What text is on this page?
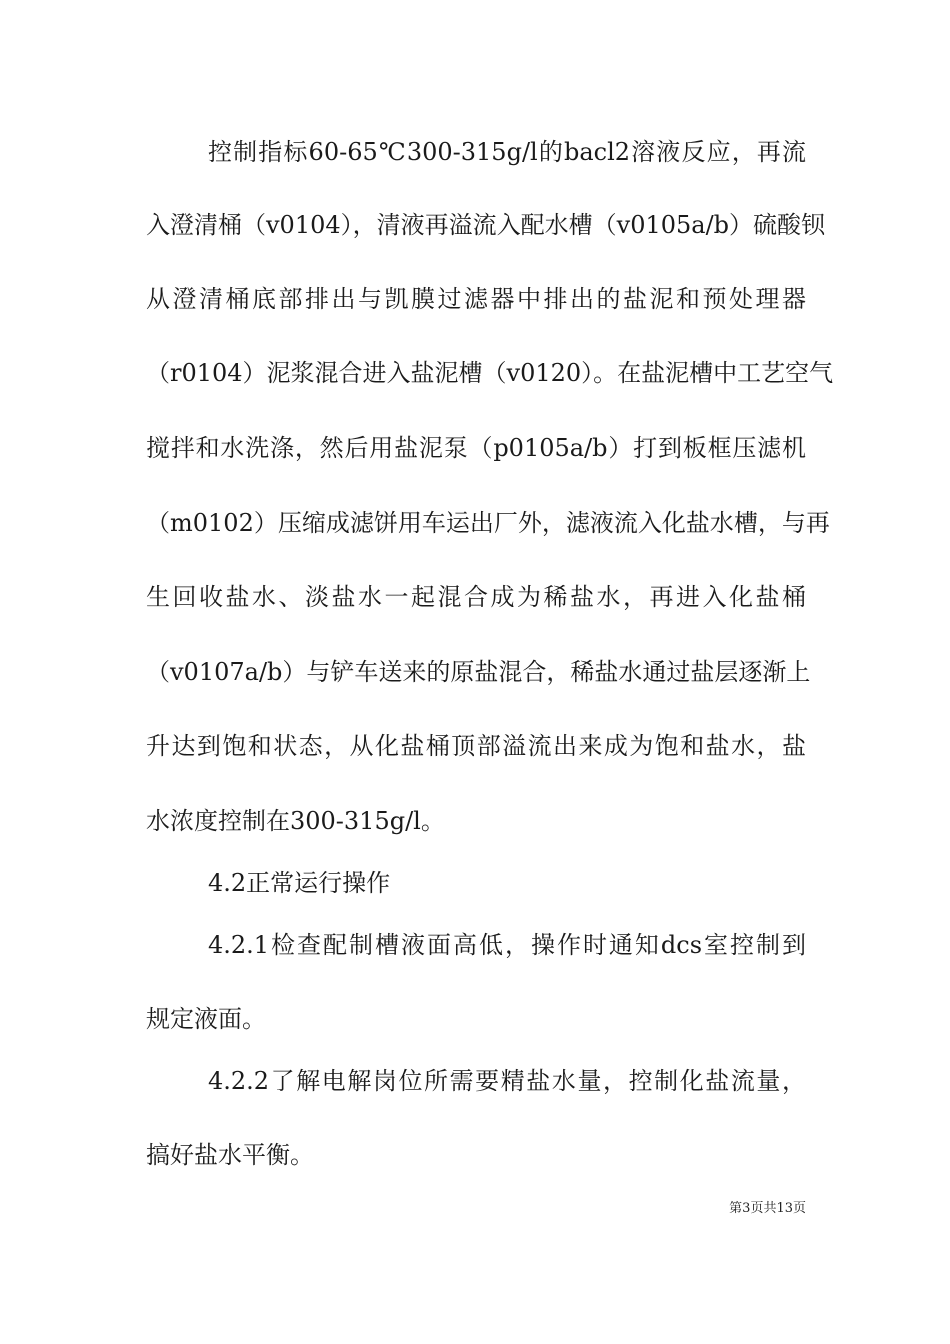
控制指标60-65℃300-315g/l的bacl2溶液反应，再流
入澄清桶（v0104），清液再溢流入配水槽（v0105a/b）硫酸钡
从澄清桶底部排出与凯膜过滤器中排出的盐泥和预处理器
（r0104）泥浆混合进入盐泥槽（v0120）。在盐泥槽中工艺空气
搅拌和水洗涤，然后用盐泥泵（p0105a/b）打到板框压滤机
（m0102）压缩成滤饼用车运出厂外，滤液流入化盐水槽，与再
生回收盐水、淡盐水一起混合成为稀盐水，再进入化盐桶
（v0107a/b）与铲车送来的原盐混合，稀盐水通过盐层逐渐上
升达到饱和状态，从化盐桶顶部溢流出来成为饱和盐水，盐
水浓度控制在300-315g/l。
4.2正常运行操作
4.2.1检查配制槽液面高低，操作时通知dcs室控制到
规定液面。
4.2.2了解电解岗位所需要精盐水量，控制化盐流量，
搞好盐水平衡。
第3页共13页
